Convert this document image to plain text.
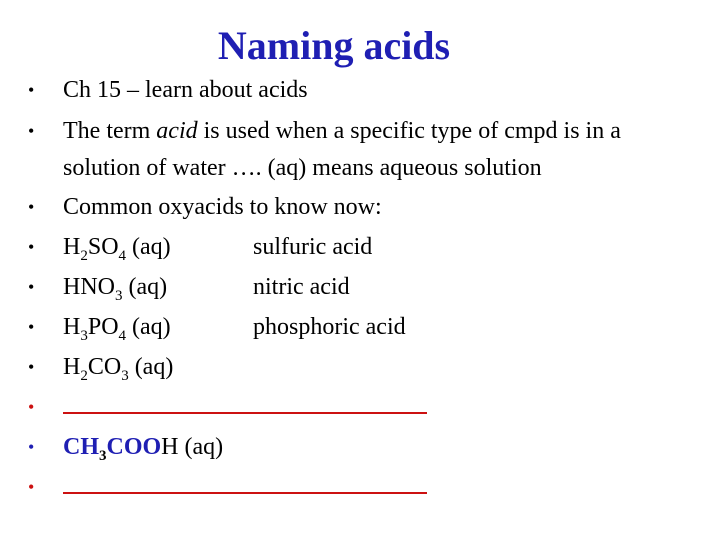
Naming acids
• Ch 15 – learn about acids
• The term acid is used when a specific type of cmpd is in a
solution of water …. (aq) means aqueous solution
• Common oxyacids to know now:
• $H_2SO_4$ (aq)	sulfuric acid
• $HNO_3$ (aq)	nitric acid
• $H_3PO_4$ (aq)	phosphoric acid
• $H_2CO_3$ (aq)
•
• $CH_3COOH$ (aq)
•
